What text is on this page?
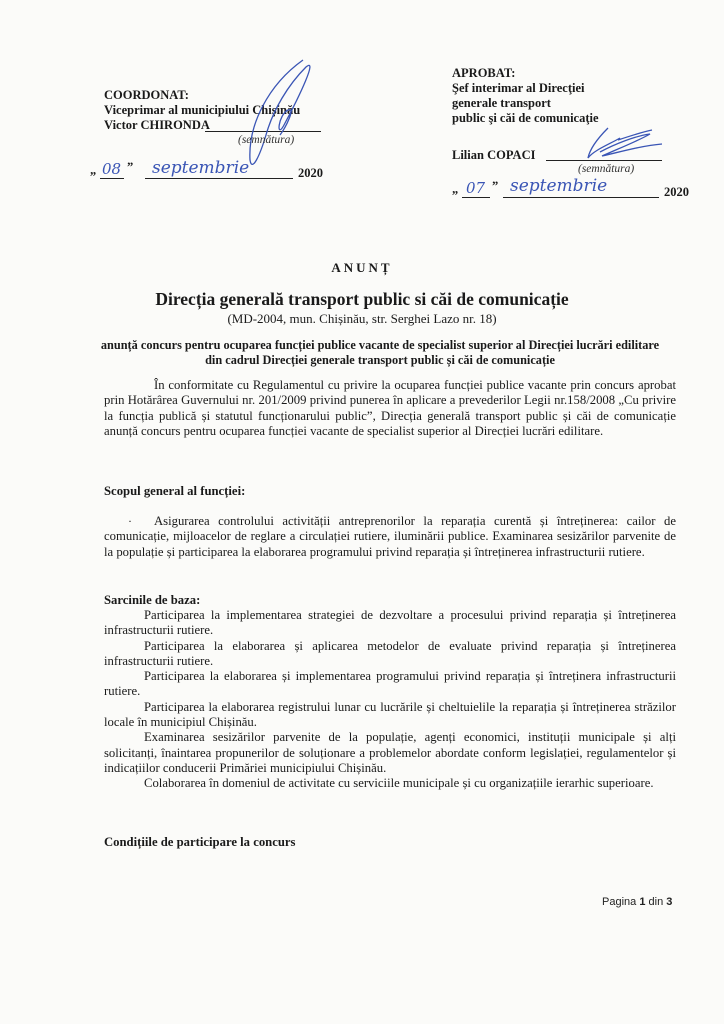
COORDONAT:
Viceprimar al municipiului Chișinău
Victor CHIRONDA
(semnătura)
„ 08 ” septembrie	2020
APROBAT:
Şef interimar al Direcţiei
generale transport
public şi căi de comunicaţie
Lilian COPACI
(semnătura)
„ 07 ” septembrie	2020
ANUNȚ
Direcția generală transport public si căi de comunicație
(MD-2004, mun. Chișinău, str. Serghei Lazo nr. 18)
anunță concurs pentru ocuparea funcției publice vacante de specialist superior al Direcției lucrări edilitare din cadrul Direcției generale transport public și căi de comunicație
În conformitate cu Regulamentul cu privire la ocuparea funcției publice vacante prin concurs aprobat prin Hotărârea Guvernului nr. 201/2009 privind punerea în aplicare a prevederilor Legii nr.158/2008 „Cu privire la funcția publică și statutul funcționarului public”, Direcția generală transport public și căi de comunicație anunță concurs pentru ocuparea funcției vacante de specialist superior al Direcției lucrări edilitare.
Scopul general al funcției:
·	Asigurarea controlului activității antreprenorilor la reparația curentă și întreținerea: cailor de comunicație, mijloacelor de reglare a circulației rutiere, iluminării publice. Examinarea sesizărilor parvenite de la populație și participarea la elaborarea programului privind reparația și întreținerea infrastructurii rutiere.
Sarcinile de baza:

Participarea la implementarea strategiei de dezvoltare a procesului privind reparația și întreținerea infrastructurii rutiere.

Participarea la elaborarea și aplicarea metodelor de evaluate privind reparația și întreținerea infrastructurii rutiere.

Participarea la elaborarea și implementarea programului privind reparația și întreținera infrastructurii rutiere.

Participarea la elaborarea registrului lunar cu lucrările și cheltuielile la reparația și întreținerea străzilor locale în municipiul Chișinău.

Examinarea sesizărilor parvenite de la populație, agenți economici, instituții municipale și alți solicitanți, înaintarea propunerilor de soluționare a problemelor abordate conform legislației, regulamentelor și indicațiilor conducerii Primăriei municipiului Chișinău.

Colaborarea în domeniul de activitate cu serviciile municipale și cu organizațiile ierarhic superioare.

Condițiile de participare la concurs
Pagina 1 din 3
